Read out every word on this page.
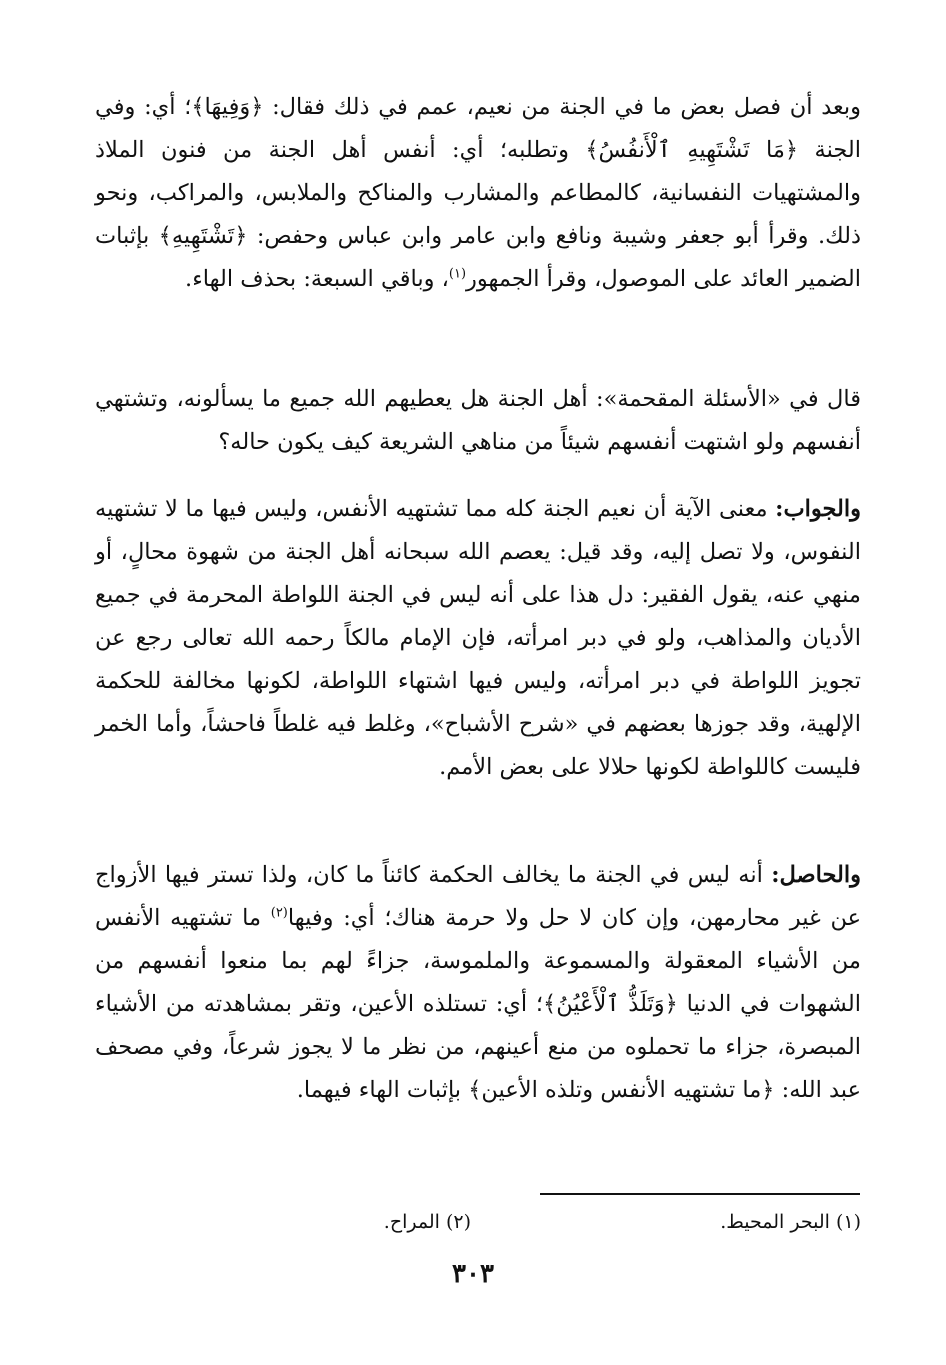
وبعد أن فصل بعض ما في الجنة من نعيم، عمم في ذلك فقال: ﴿وَفِيهَا﴾؛ أي: وفي الجنة ﴿مَا تَشْتَهِيهِ ٱلْأَنفُسُ﴾ وتطلبه؛ أي: أنفس أهل الجنة من فنون الملاذ والمشتهيات النفسانية، كالمطاعم والمشارب والمناكح والملابس، والمراكب، ونحو ذلك. وقرأ أبو جعفر وشيبة ونافع وابن عامر وابن عباس وحفص: ﴿تَشْتَهِيهِ﴾ بإثبات الضمير العائد على الموصول، وقرأ الجمهور$^{(١)}$، وباقي السبعة: بحذف الهاء.

قال في «الأسئلة المقحمة»: أهل الجنة هل يعطيهم الله جميع ما يسألونه، وتشتهي أنفسهم ولو اشتهت أنفسهم شيئاً من مناهي الشريعة كيف يكون حاله؟

والجواب: معنى الآية أن نعيم الجنة كله مما تشتهيه الأنفس، وليس فيها ما لا تشتهيه النفوس، ولا تصل إليه، وقد قيل: يعصم الله سبحانه أهل الجنة من شهوة محالٍ، أو منهي عنه، يقول الفقير: دل هذا على أنه ليس في الجنة اللواطة المحرمة في جميع الأديان والمذاهب، ولو في دبر امرأته، فإن الإمام مالكاً رحمه الله تعالى رجع عن تجويز اللواطة في دبر امرأته، وليس فيها اشتهاء اللواطة، لكونها مخالفة للحكمة الإلهية، وقد جوزها بعضهم في «شرح الأشباح»، وغلط فيه غلطاً فاحشاً، وأما الخمر فليست كاللواطة لكونها حلالا على بعض الأمم.

والحاصل: أنه ليس في الجنة ما يخالف الحكمة كائناً ما كان، ولذا تستر فيها الأزواج عن غير محارمهن، وإن كان لا حل ولا حرمة هناك؛ أي: وفيها$^{(٢)}$ ما تشتهيه الأنفس من الأشياء المعقولة والمسموعة والملموسة، جزاءً لهم بما منعوا أنفسهم من الشهوات في الدنيا ﴿وَتَلَذُّ ٱلْأَعْيُنُ﴾؛ أي: تستلذه الأعين، وتقر بمشاهدته من الأشياء المبصرة، جزاء ما تحملوه من منع أعينهم، من نظر ما لا يجوز شرعاً، وفي مصحف عبد الله: ﴿ما تشتهيه الأنفس وتلذه الأعين﴾ بإثبات الهاء فيهما.

(١) البحر المحيط.
(٢) المراح.
٣٠٣
